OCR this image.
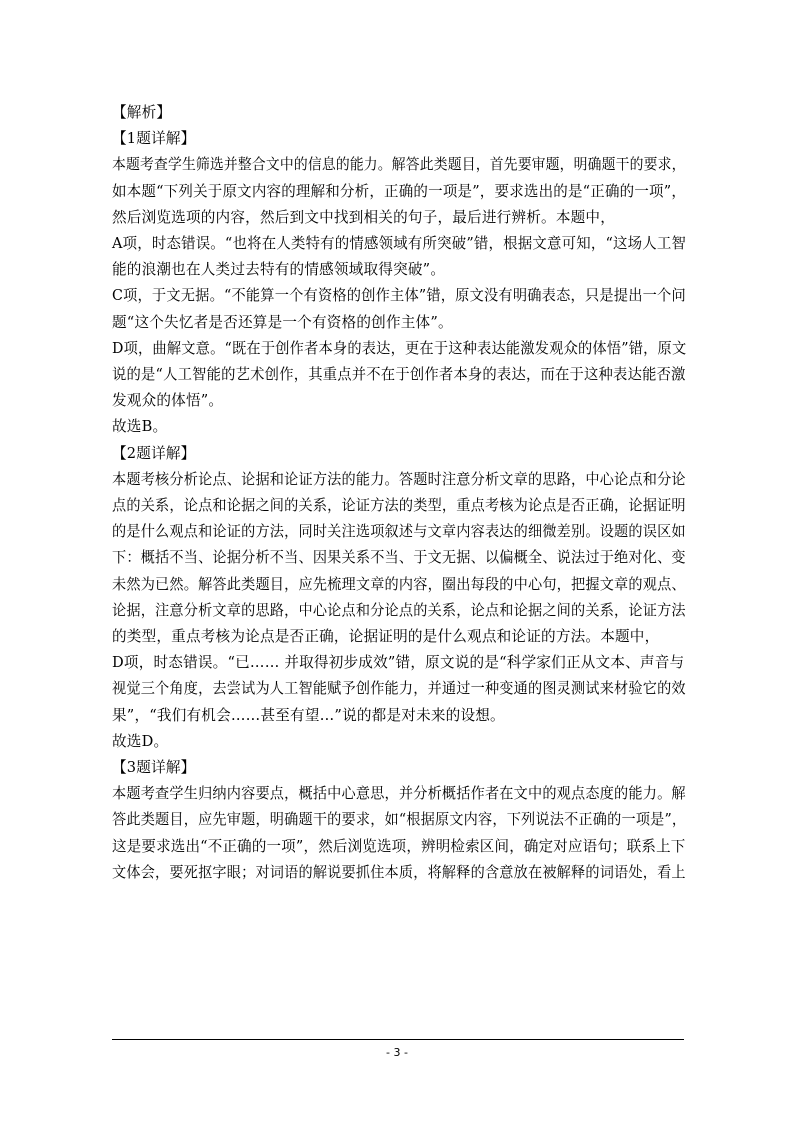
【解析】
【1题详解】
本题考查学生筛选并整合文中的信息的能力。解答此类题目，首先要审题，明确题干的要求，
如本题“下列关于原文内容的理解和分析，正确的一项是”，要求选出的是“正确的一项”，
然后浏览选项的内容，然后到文中找到相关的句子，最后进行辨析。本题中，
A项，时态错误。“也将在人类特有的情感领域有所突破”错，根据文意可知，“这场人工智
能的浪潮也在人类过去特有的情感领域取得突破”。
C项，于文无据。“不能算一个有资格的创作主体”错，原文没有明确表态，只是提出一个问
题“这个失忆者是否还算是一个有资格的创作主体”。
D项，曲解文意。“既在于创作者本身的表达，更在于这种表达能激发观众的体悟”错，原文
说的是“人工智能的艺术创作，其重点并不在于创作者本身的表达，而在于这种表达能否激
发观众的体悟”。
故选B。
【2题详解】
本题考核分析论点、论据和论证方法的能力。答题时注意分析文章的思路，中心论点和分论
点的关系，论点和论据之间的关系，论证方法的类型，重点考核为论点是否正确，论据证明
的是什么观点和论证的方法，同时关注选项叙述与文章内容表达的细微差别。设题的误区如
下：概括不当、论据分析不当、因果关系不当、于文无据、以偏概全、说法过于绝对化、变
未然为已然。解答此类题目，应先梳理文章的内容，圈出每段的中心句，把握文章的观点、
论据，注意分析文章的思路，中心论点和分论点的关系，论点和论据之间的关系，论证方法
的类型，重点考核为论点是否正确，论据证明的是什么观点和论证的方法。本题中，
D项，时态错误。“已…… 并取得初步成效”错，原文说的是“科学家们正从文本、声音与
视觉三个角度，去尝试为人工智能赋予创作能力，并通过一种变通的图灵测试来材验它的效
果”，“我们有机会……甚至有望…”说的都是对未来的设想。
故选D。
【3题详解】
本题考查学生归纳内容要点，概括中心意思，并分析概括作者在文中的观点态度的能力。解
答此类题目，应先审题，明确题干的要求，如“根据原文内容，下列说法不正确的一项是”，
这是要求选出“不正确的一项”，然后浏览选项，辨明检索区间，确定对应语句；联系上下
文体会，要死抠字眼；对词语的解说要抓住本质，将解释的含意放在被解释的词语处，看上
- 3 -
